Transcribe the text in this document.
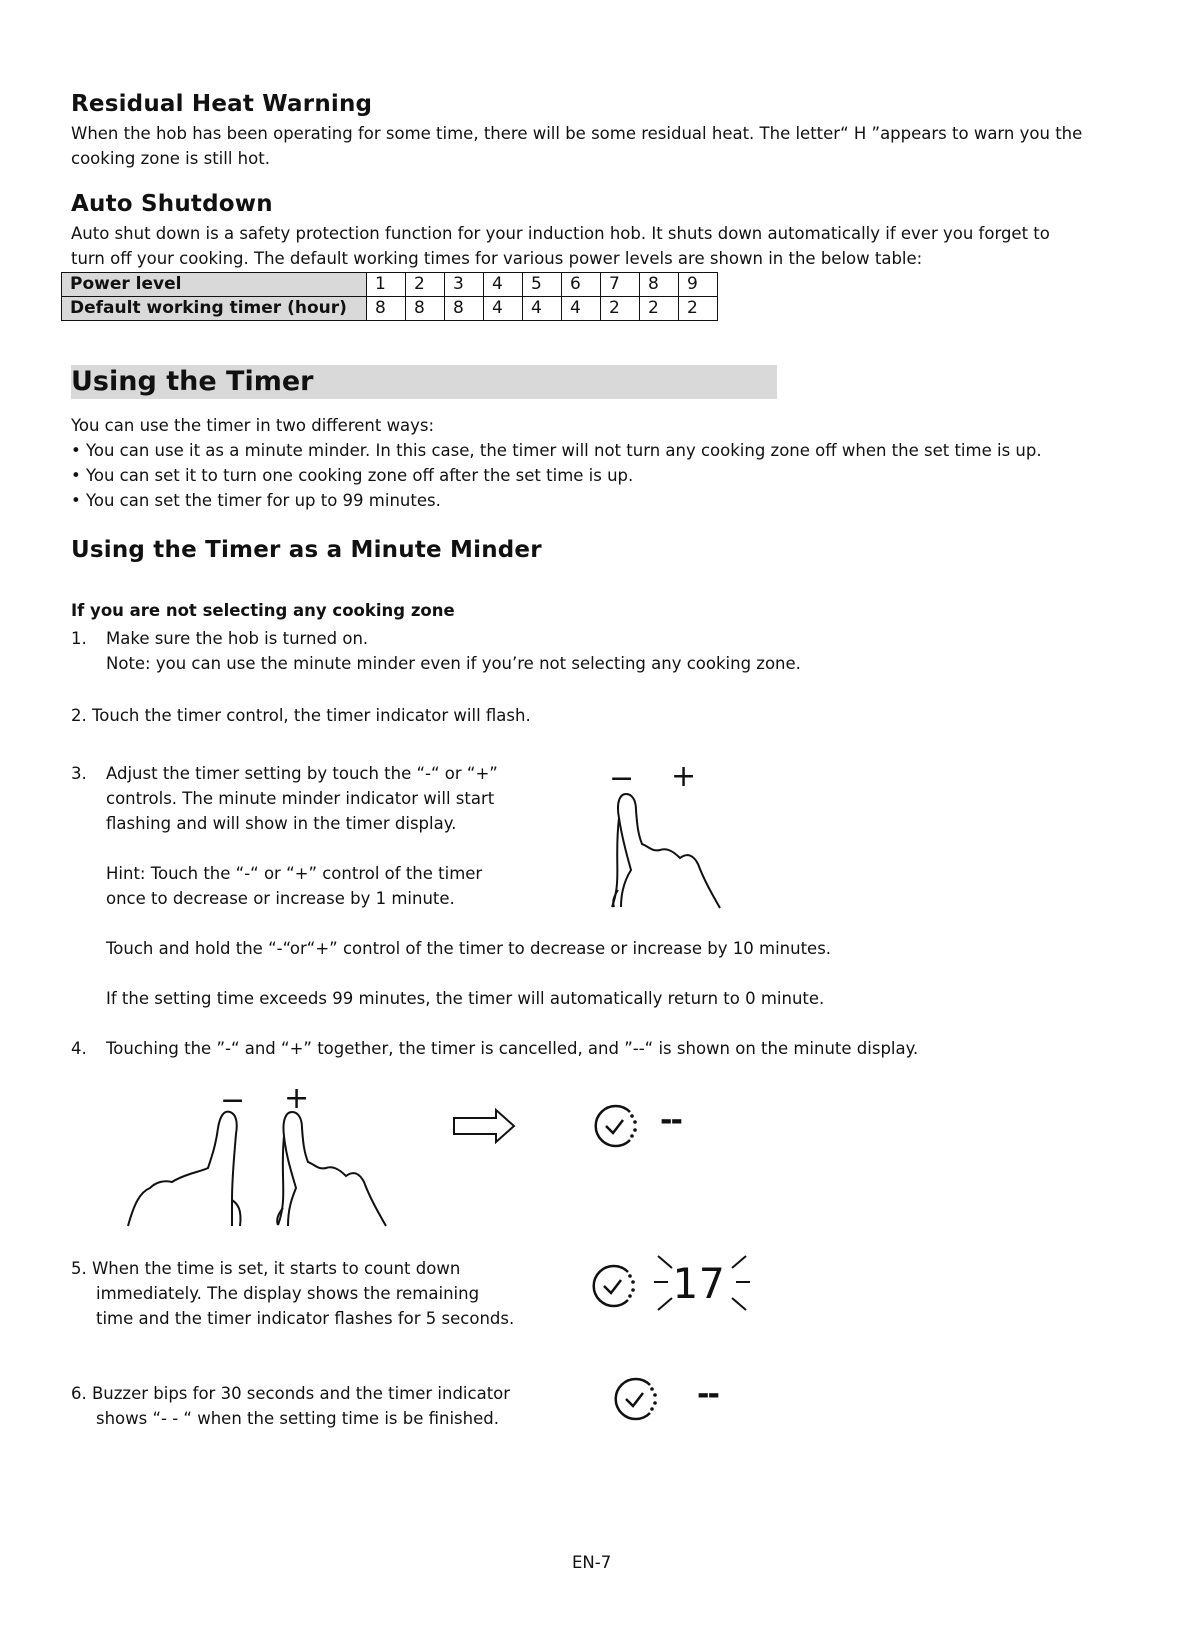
Residual Heat Warning
When the hob has been operating for some time, there will be some residual heat. The letter“ H ”appears to warn you the
cooking zone is still hot.
Auto Shutdown
Auto shut down is a safety protection function for your induction hob. It shuts down automatically if ever you forget to
turn off your cooking. The default working times for various power levels are shown in the below table:
Power level	1	2	3	4	5	6	7	8	9
Default working timer (hour)	8	8	8	4	4	4	2	2	2
Using the Timer
You can use the timer in two different ways:
• You can use it as a minute minder. In this case, the timer will not turn any cooking zone off when the set time is up.
• You can set it to turn one cooking zone off after the set time is up.
• You can set the timer for up to 99 minutes.
Using the Timer as a Minute Minder
If you are not selecting any cooking zone
1. Make sure the hob is turned on.
Note: you can use the minute minder even if you’re not selecting any cooking zone.
2. Touch the timer control, the timer indicator will flash.
3. Adjust the timer setting by touch the “-“ or “+”
controls. The minute minder indicator will start
flashing and will show in the timer display.
Hint: Touch the “-“ or “+” control of the timer
once to decrease or increase by 1 minute.
− +
Touch and hold the “-“or“+” control of the timer to decrease or increase by 10 minutes.
If the setting time exceeds 99 minutes, the timer will automatically return to 0 minute.
4. Touching the ”-“ and “+” together, the timer is cancelled, and ”--“ is shown on the minute display.
− +
--
5. When the time is set, it starts to count down
immediately. The display shows the remaining
time and the timer indicator flashes for 5 seconds.
17
6. Buzzer bips for 30 seconds and the timer indicator
shows “- - “ when the setting time is be finished.
--
EN-7
